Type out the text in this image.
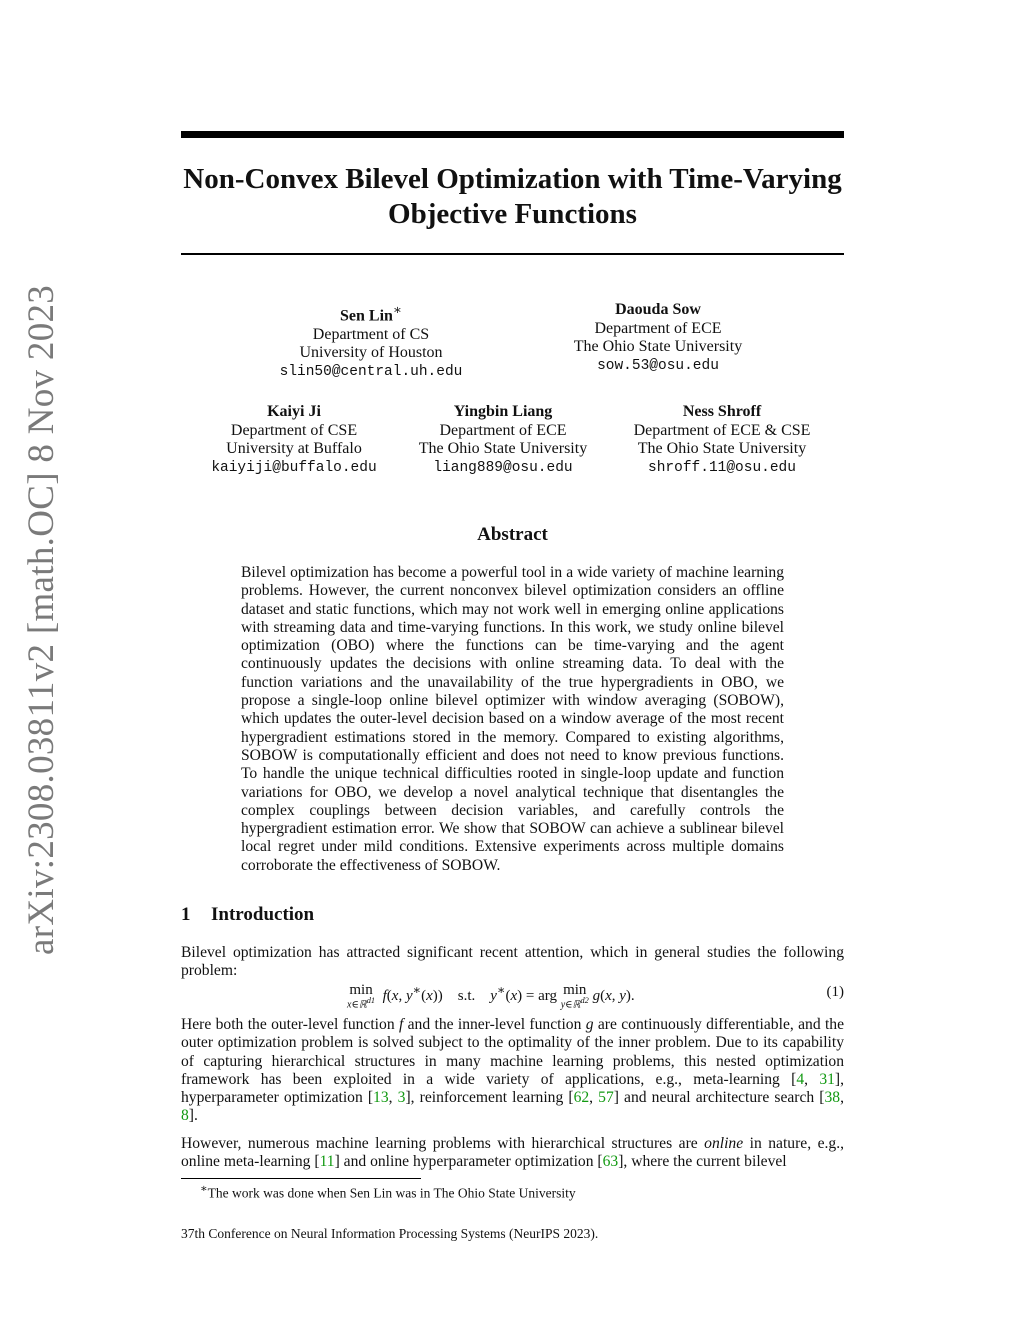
arXiv:2308.03811v2 [math.OC] 8 Nov 2023
Non-Convex Bilevel Optimization with Time-Varying Objective Functions
Sen Lin∗
Department of CS
University of Houston
slin50@central.uh.edu
Daouda Sow
Department of ECE
The Ohio State University
sow.53@osu.edu
Kaiyi Ji
Department of CSE
University at Buffalo
kaiyiji@buffalo.edu
Yingbin Liang
Department of ECE
The Ohio State University
liang889@osu.edu
Ness Shroff
Department of ECE & CSE
The Ohio State University
shroff.11@osu.edu
Abstract

Bilevel optimization has become a powerful tool in a wide variety of machine learning problems. However, the current nonconvex bilevel optimization considers an offline dataset and static functions, which may not work well in emerging online applications with streaming data and time-varying functions. In this work, we study online bilevel optimization (OBO) where the functions can be time-varying and the agent continuously updates the decisions with online streaming data. To deal with the function variations and the unavailability of the true hypergradients in OBO, we propose a single-loop online bilevel optimizer with window averaging (SOBOW), which updates the outer-level decision based on a window average of the most recent hypergradient estimations stored in the memory. Compared to existing algorithms, SOBOW is computationally efficient and does not need to know previous functions. To handle the unique technical difficulties rooted in single-loop update and function variations for OBO, we develop a novel analytical technique that disentangles the complex couplings between decision variables, and carefully controls the hypergradient estimation error. We show that SOBOW can achieve a sublinear bilevel local regret under mild conditions. Extensive experiments across multiple domains corroborate the effectiveness of SOBOW.

1 Introduction

Bilevel optimization has attracted significant recent attention, which in general studies the following problem:

min
x∈ℝ$^{d1}$ f(x, y∗(x))    s.t.    y∗(x) = arg min
y∈ℝ$^{d2}$ g(x, y).	(1)

Here both the outer-level function f and the inner-level function g are continuously differentiable, and the outer optimization problem is solved subject to the optimality of the inner problem. Due to its capability of capturing hierarchical structures in many machine learning problems, this nested optimization framework has been exploited in a wide variety of applications, e.g., meta-learning [4, 31], hyperparameter optimization [13, 3], reinforcement learning [62, 57] and neural architecture search [38, 8].

However, numerous machine learning problems with hierarchical structures are online in nature, e.g., online meta-learning [11] and online hyperparameter optimization [63], where the current bilevel

∗The work was done when Sen Lin was in The Ohio State University
37th Conference on Neural Information Processing Systems (NeurIPS 2023).
